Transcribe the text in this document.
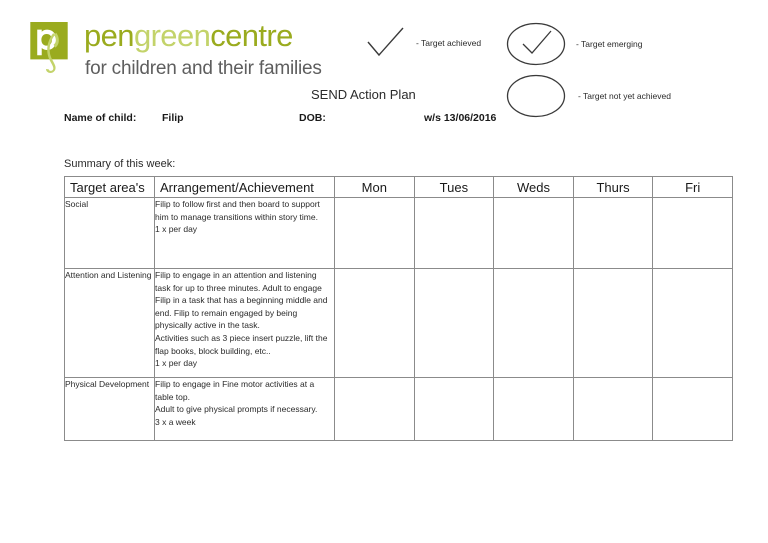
pengreencentre
for children and their families
- Target achieved	- Target emerging
- Target not yet achieved
SEND Action Plan
Name of child: Filip	DOB:	w/s 13/06/2016
Summary of this week:
Target area's	Arrangement/Achievement	Mon	Tues	Weds	Thurs	Fri
Social	Filip to follow first and then board to support him to manage transitions within story time.
1 x per day					
Attention and Listening	Filip to engage in an attention and listening task for up to three minutes. Adult to engage Filip in a task that has a beginning middle and end. Filip to remain engaged by being physically active in the task.
Activities such as 3 piece insert puzzle, lift the flap books, block building, etc..
1 x per day					
Physical Development	Filip to engage in Fine motor activities at a table top.
Adult to give physical prompts if necessary.
3 x a week					
